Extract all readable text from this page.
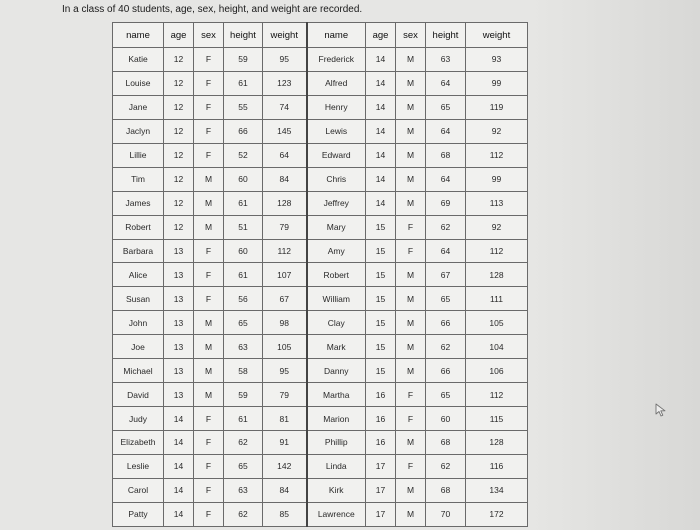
In a class of 40 students, age, sex, height, and weight are recorded.
name	age	sex	height	weight	name	age	sex	height	weight
Katie	12	F	59	95	Frederick	14	M	63	93
Louise	12	F	61	123	Alfred	14	M	64	99
Jane	12	F	55	74	Henry	14	M	65	119
Jaclyn	12	F	66	145	Lewis	14	M	64	92
Lillie	12	F	52	64	Edward	14	M	68	112
Tim	12	M	60	84	Chris	14	M	64	99
James	12	M	61	128	Jeffrey	14	M	69	113
Robert	12	M	51	79	Mary	15	F	62	92
Barbara	13	F	60	112	Amy	15	F	64	112
Alice	13	F	61	107	Robert	15	M	67	128
Susan	13	F	56	67	William	15	M	65	111
John	13	M	65	98	Clay	15	M	66	105
Joe	13	M	63	105	Mark	15	M	62	104
Michael	13	M	58	95	Danny	15	M	66	106
David	13	M	59	79	Martha	16	F	65	112
Judy	14	F	61	81	Marion	16	F	60	115
Elizabeth	14	F	62	91	Phillip	16	M	68	128
Leslie	14	F	65	142	Linda	17	F	62	116
Carol	14	F	63	84	Kirk	17	M	68	134
Patty	14	F	62	85	Lawrence	17	M	70	172
